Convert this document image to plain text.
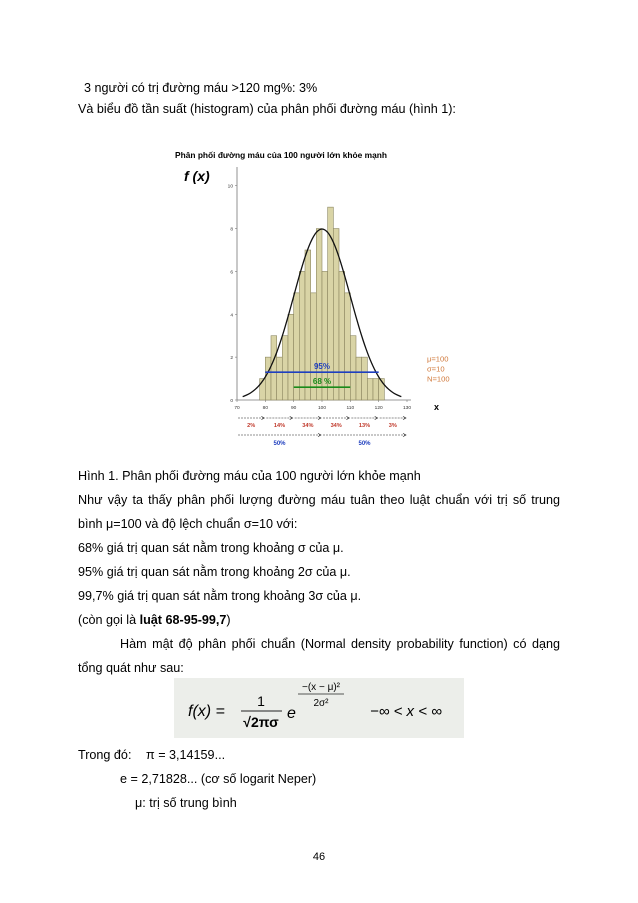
3 người có trị đường máu >120 mg%: 3%
Và biểu đồ tần suất (histogram) của phân phối đường máu (hình 1):
Phân phối đường máu của 100 người lớn khỏe mạnh
f (x)
x
0
2
4
6
8
10
70	80	90	100	110	120	130
95%
68 %
μ=100
σ=10
N=100
2%	14%	34%	34%	13%	3%
50%	50%
Hình 1. Phân phối đường máu của 100 người lớn khỏe mạnh
Như vậy ta thấy phân phối lượng đường máu tuân theo luật chuẩn với trị số trung
bình μ=100 và độ lệch chuẩn σ=10 với:
68% giá trị quan sát nằm trong khoảng σ của μ.
95% giá trị quan sát nằm trong khoảng 2σ của μ.
99,7% giá trị quan sát nằm trong khoảng 3σ của μ.
(còn gọi là luật 68-95-99,7)
Hàm mật độ phân phối chuẩn (Normal density probability function) có dạng
tổng quát như sau:
f(x) =
1
√2πσ e
−(x − μ)²
2σ²	−∞ < x < ∞
Trong đó: π = 3,14159...
e = 2,71828... (cơ số logarit Neper)
μ: trị số trung bình
46
